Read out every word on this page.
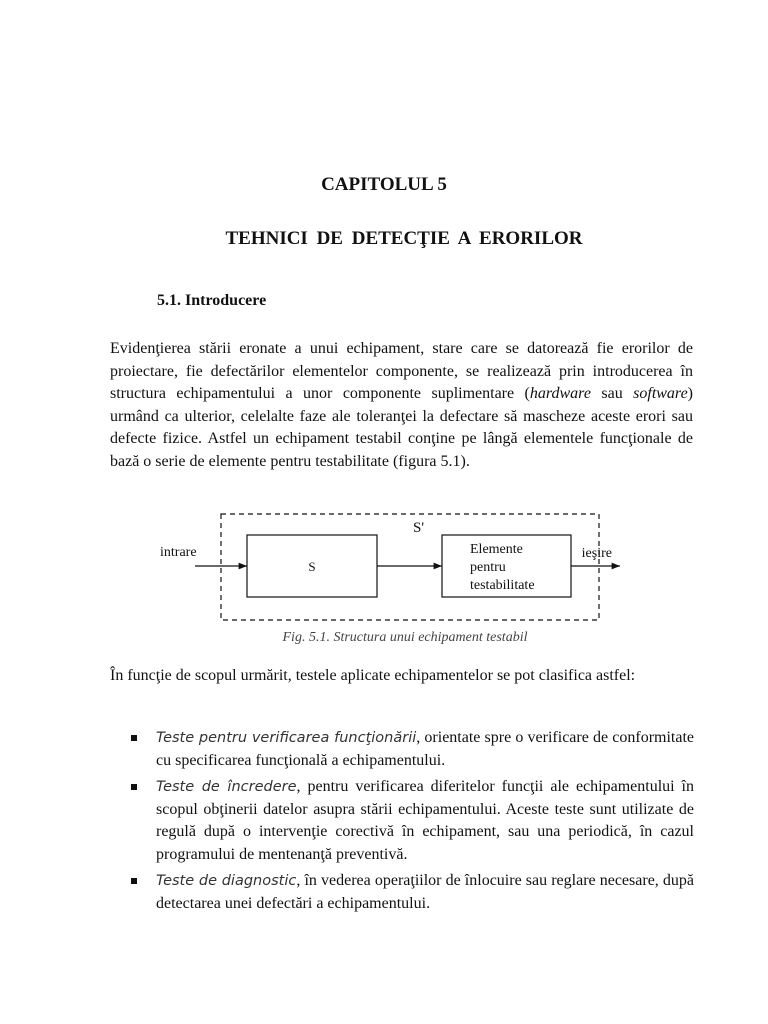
CAPITOLUL 5
TEHNICI DE DETECŢIE A ERORILOR
5.1. Introducere
Evidenţierea stării eronate a unui echipament, stare care se datorează fie erorilor de proiectare, fie defectărilor elementelor componente, se realizează prin introducerea în structura echipamentului a unor componente suplimentare (hardware sau software) urmând ca ulterior, celelalte faze ale toleranţei la defectare să mascheze aceste erori sau defecte fizice. Astfel un echipament testabil conţine pe lângă elementele funcţionale de bază o serie de elemente pentru testabilitate (figura 5.1).
S'
S
Elemente
pentru
testabilitate
intrare	ieşire
Fig. 5.1. Structura unui echipament testabil
În funcţie de scopul urmărit, testele aplicate echipamentelor se pot clasifica astfel:
Teste pentru verificarea funcţionării, orientate spre o verificare de conformitate cu specificarea funcţională a echipamentului.
Teste de încredere, pentru verificarea diferitelor funcţii ale echipamentului în scopul obţinerii datelor asupra stării echipamentului. Aceste teste sunt utilizate de regulă după o intervenţie corectivă în echipament, sau una periodică, în cazul programului de mentenanţă preventivă.
Teste de diagnostic, în vederea operaţiilor de înlocuire sau reglare necesare, după detectarea unei defectări a echipamentului.
